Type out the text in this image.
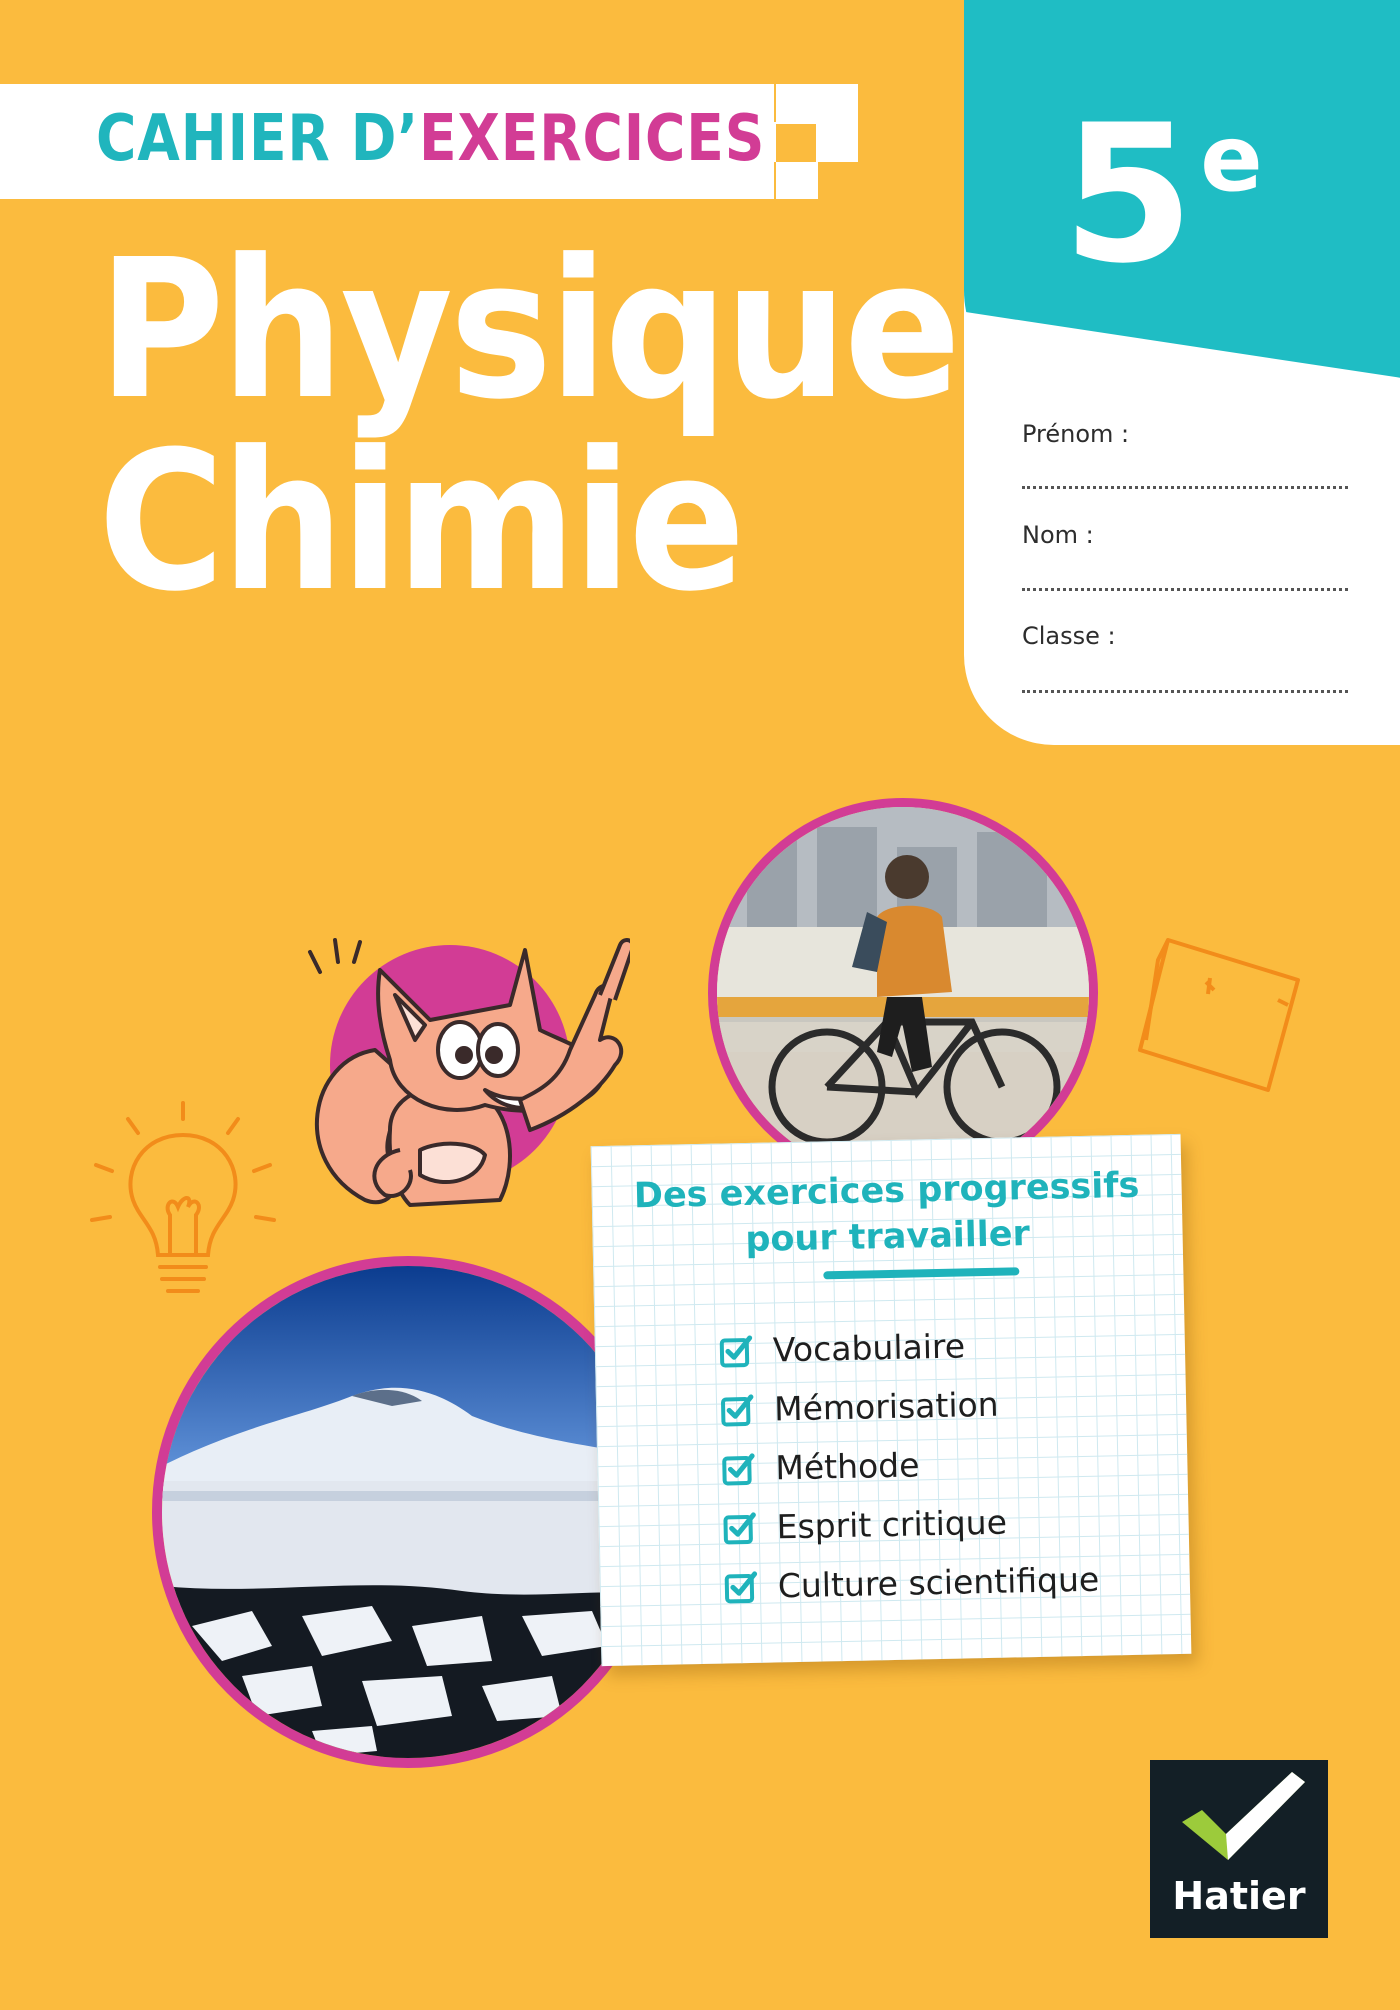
CAHIER D’EXERCICES
Physique
Chimie
5e
Prénom :
Nom :
Classe :
Des exercices progressifs
pour travailler
Vocabulaire
Mémorisation
Méthode
Esprit critique
Culture scientifique
Hatier
